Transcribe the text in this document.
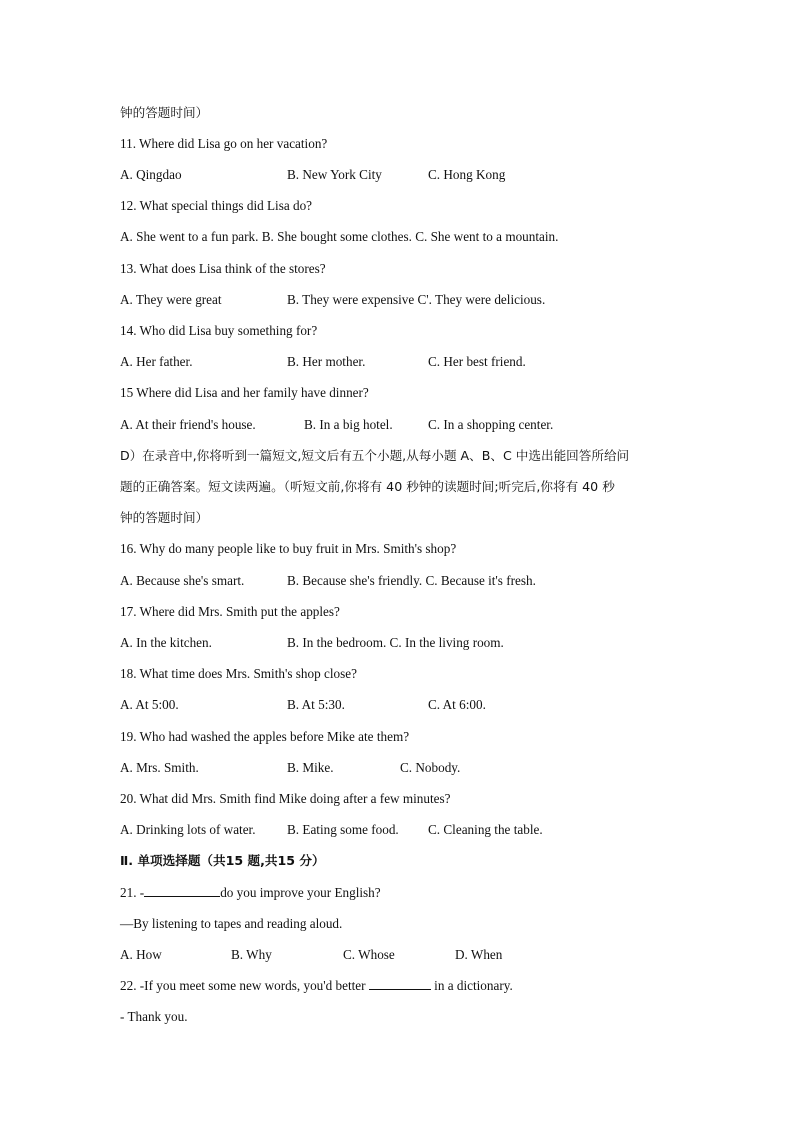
钟的答题时间）
11. Where did Lisa go on her vacation?
A. Qingdao	B. New York City	C. Hong Kong
12. What special things did Lisa do?
A. She went to a fun park. B. She bought some clothes. C. She went to a mountain.
13. What does Lisa think of the stores?
A. They were great	B. They were expensive C'. They were delicious.
14. Who did Lisa buy something for?
A. Her father.	B. Her mother.	C. Her best friend.
15 Where did Lisa and her family have dinner?
A. At their friend's house.	B. In a big hotel.	C. In a shopping center.
D）在录音中,你将听到一篇短文,短文后有五个小题,从每小题 A、B、C 中选出能回答所给问
题的正确答案。短文读两遍。（听短文前,你将有 40 秒钟的读题时间;听完后,你将有 40 秒
钟的答题时间）
16. Why do many people like to buy fruit in Mrs. Smith's shop?
A. Because she's smart.	B. Because she's friendly. C. Because it's fresh.
17. Where did Mrs. Smith put the apples?
A. In the kitchen.	B. In the bedroom. C. In the living room.
18. What time does Mrs. Smith's shop close?
A. At 5:00.	B. At 5:30.	C. At 6:00.
19. Who had washed the apples before Mike ate them?
A. Mrs. Smith.	B. Mike.	C. Nobody.
20. What did Mrs. Smith find Mike doing after a few minutes?
A. Drinking lots of water. B. Eating some food. C. Cleaning the table.
Ⅱ. 单项选择题（共15 题,共15 分）
21. -	do you improve your English?
—By listening to tapes and reading aloud.
A. How	B. Why	C. Whose	D. When
22. -If you meet some new words, you'd better	in a dictionary.
- Thank you.
